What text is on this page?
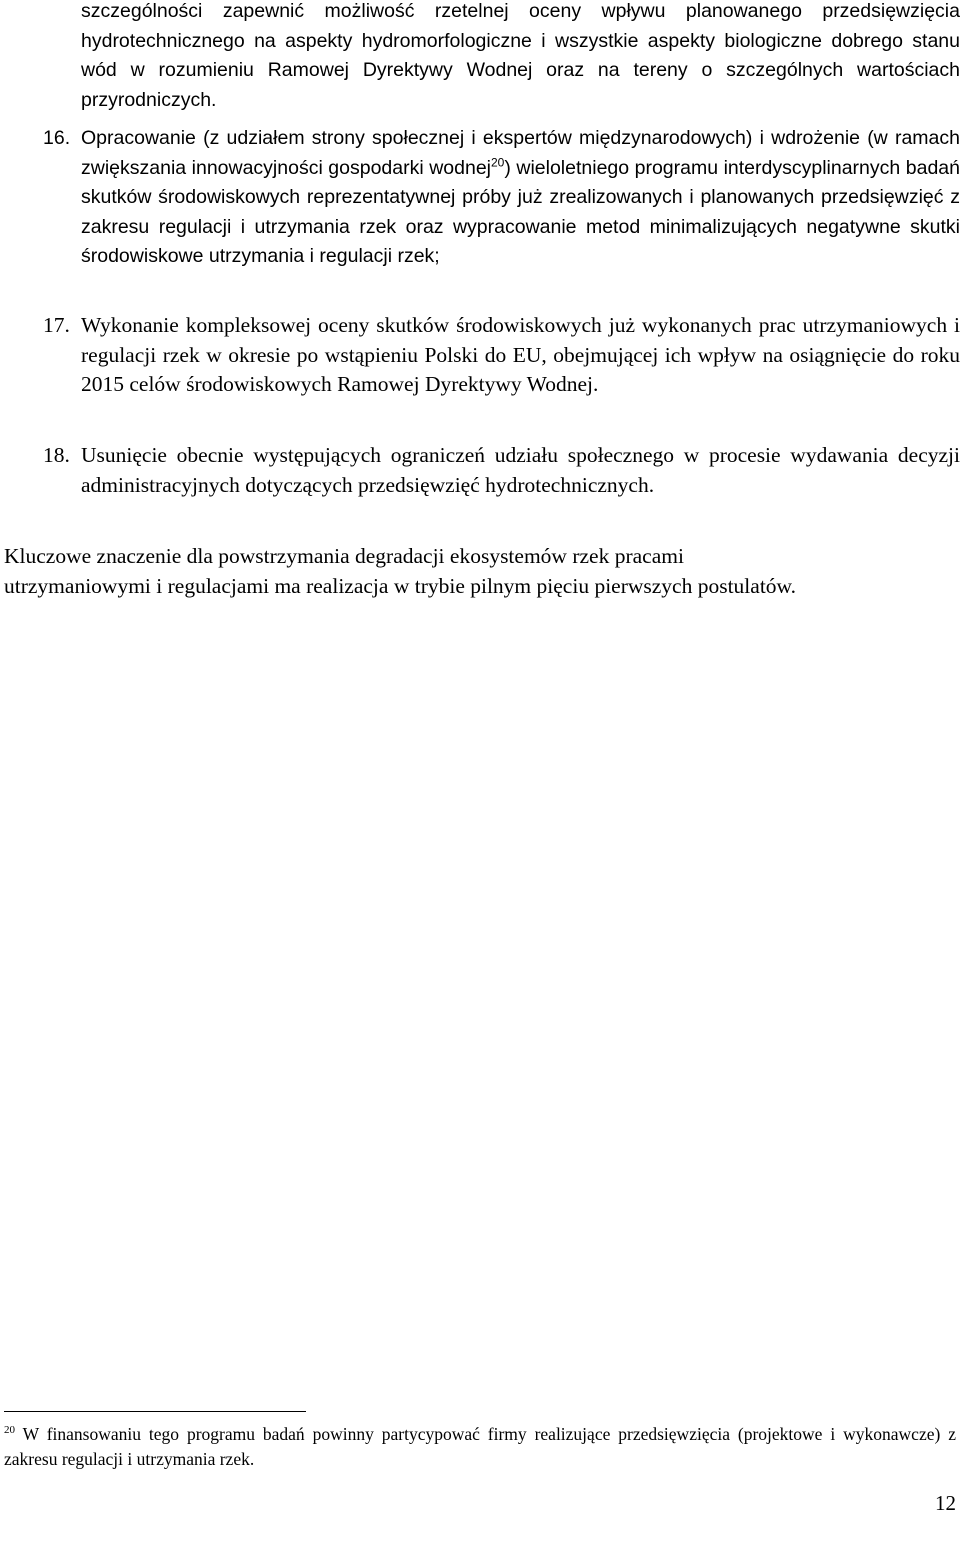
szczególności zapewnić możliwość rzetelnej oceny wpływu planowanego przedsięwzięcia hydrotechnicznego na aspekty hydromorfologiczne i wszystkie aspekty biologiczne dobrego stanu wód w rozumieniu Ramowej Dyrektywy Wodnej oraz na tereny o szczególnych wartościach przyrodniczych.
16. Opracowanie (z udziałem strony społecznej i ekspertów międzynarodowych) i wdrożenie (w ramach zwiększania innowacyjności gospodarki wodnej$^{20}$) wieloletniego programu interdyscyplinarnych badań skutków środowiskowych reprezentatywnej próby już zrealizowanych i planowanych przedsięwzięć z zakresu regulacji i utrzymania rzek oraz wypracowanie metod minimalizujących negatywne skutki środowiskowe utrzymania i regulacji rzek;
17. Wykonanie kompleksowej oceny skutków środowiskowych już wykonanych prac utrzymaniowych i regulacji rzek w okresie po wstąpieniu Polski do EU, obejmującej ich wpływ na osiągnięcie do roku 2015 celów środowiskowych Ramowej Dyrektywy Wodnej.
18. Usunięcie obecnie występujących ograniczeń udziału społecznego w procesie wydawania decyzji administracyjnych dotyczących przedsięwzięć hydrotechnicznych.
Kluczowe znaczenie dla powstrzymania degradacji ekosystemów rzek pracami
utrzymaniowymi i regulacjami ma realizacja w trybie pilnym pięciu pierwszych postulatów.
$^{20}$ W finansowaniu tego programu badań powinny partycypować firmy realizujące przedsięwzięcia (projektowe i wykonawcze) z zakresu regulacji i utrzymania rzek.
12
